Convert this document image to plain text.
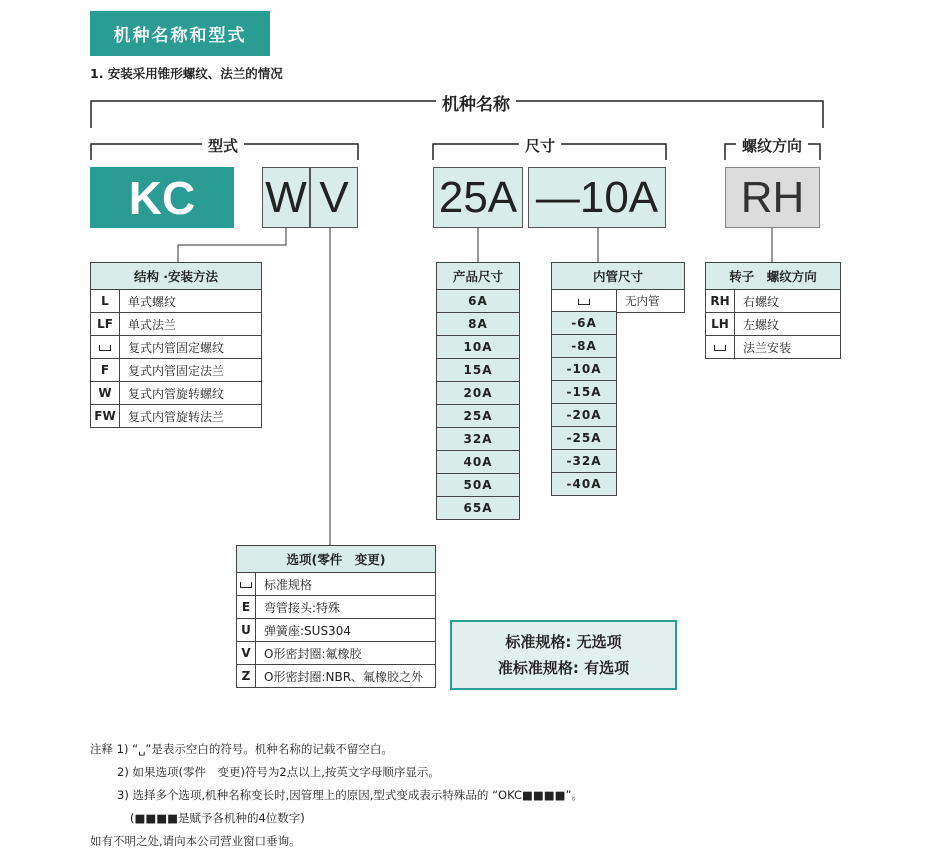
机种名称和型式
1. 安装采用锥形螺纹、法兰的情况
机种名称
型式	尺寸	螺纹方向
KC	W V 25A —10A	RH
结构 ·安装方法	
L	单式螺纹
LF	单式法兰
	复式内管固定螺纹
F	复式内管固定法兰
W	复式内管旋转螺纹
FW	复式内管旋转法兰
产品尺寸
6A
8A
10A
15A
20A
25A
32A
40A
50A
65A
内管尺寸
	无内管
-6A
-8A
-10A
-15A
-20A
-25A
-32A
-40A
转子　螺纹方向	
RH	右螺纹
LH	左螺纹
	法兰安装
选项(零件　变更)	
	标准规格
E	弯管接头:特殊
U	弹簧座:SUS304
V	O形密封圈:氟橡胶
Z	O形密封圈:NBR、氟橡胶之外
标准规格: 无选项
准标准规格: 有选项
注释 1) “␣”是表示空白的符号。机种名称的记载不留空白。
2) 如果选项(零件　变更)符号为2点以上,按英文字母顺序显示。
3) 选择多个选项,机种名称变长时,因管理上的原因,型式变成表示特殊品的 “OKC■■■■”。
(■■■■是赋予各机种的4位数字)
如有不明之处,请向本公司营业窗口垂询。
